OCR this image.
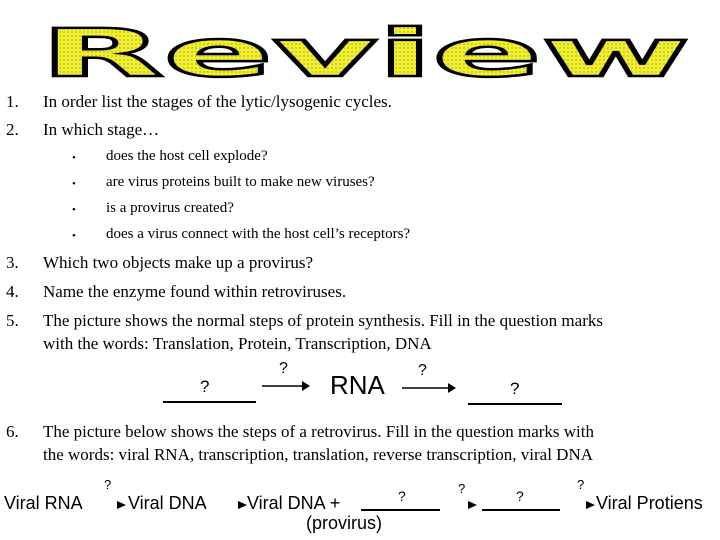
Review
1.	In order list the stages of the lytic/lysogenic cycles.
2.	In which stage…
• does the host cell explode?
• are virus proteins built to make new viruses?
• is a provirus created?
• does a virus connect with the host cell’s receptors?
3.	Which two objects make up a provirus?
4.	Name the enzyme found within retroviruses.
5.	The picture shows the normal steps of protein synthesis. Fill in the question marks
with the words: Translation, Protein, Transcription, DNA
?
?
RNA ?
?
6.	The picture below shows the steps of a retrovirus. Fill in the question marks with
the words: viral RNA, transcription, translation, reverse transcription, viral DNA
Viral RNA
?
Viral DNA Viral DNA +	?
(provirus)
?	?
?
Viral Protiens
